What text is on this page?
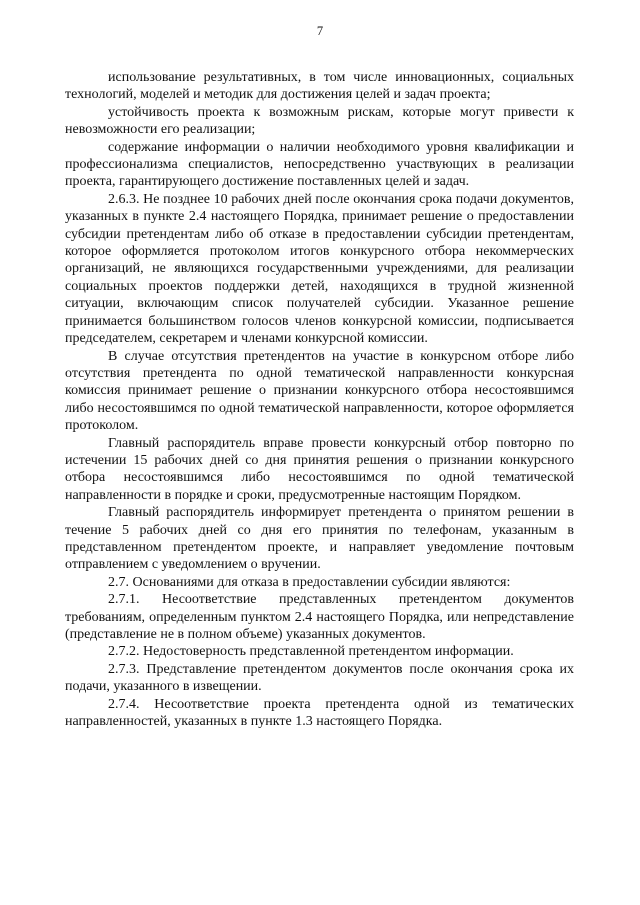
7

использование результативных, в том числе инновационных, социальных технологий, моделей и методик для достижения целей и задач проекта;

устойчивость проекта к возможным рискам, которые могут привести к невозможности его реализации;

содержание информации о наличии необходимого уровня квалификации и профессионализма специалистов, непосредственно участвующих в реализации проекта, гарантирующего достижение поставленных целей и задач.

2.6.3. Не позднее 10 рабочих дней после окончания срока подачи документов, указанных в пункте 2.4 настоящего Порядка, принимает решение о предоставлении субсидии претендентам либо об отказе в предоставлении субсидии претендентам, которое оформляется протоколом итогов конкурсного отбора некоммерческих организаций, не являющихся государственными учреждениями, для реализации социальных проектов поддержки детей, находящихся в трудной жизненной ситуации, включающим список получателей субсидии. Указанное решение принимается большинством голосов членов конкурсной комиссии, подписывается председателем, секретарем и членами конкурсной комиссии.

В случае отсутствия претендентов на участие в конкурсном отборе либо отсутствия претендента по одной тематической направленности конкурсная комиссия принимает решение о признании конкурсного отбора несостоявшимся либо несостоявшимся по одной тематической направленности, которое оформляется протоколом.

Главный распорядитель вправе провести конкурсный отбор повторно по истечении 15 рабочих дней со дня принятия решения о признании конкурсного отбора несостоявшимся либо несостоявшимся по одной тематической направленности в порядке и сроки, предусмотренные настоящим Порядком.

Главный распорядитель информирует претендента о принятом решении в течение 5 рабочих дней со дня его принятия по телефонам, указанным в представленном претендентом проекте, и направляет уведомление почтовым отправлением с уведомлением о вручении.

2.7. Основаниями для отказа в предоставлении субсидии являются:

2.7.1. Несоответствие представленных претендентом документов требованиям, определенным пунктом 2.4 настоящего Порядка, или непредставление (представление не в полном объеме) указанных документов.

2.7.2. Недостоверность представленной претендентом информации.

2.7.3. Представление претендентом документов после окончания срока их подачи, указанного в извещении.

2.7.4. Несоответствие проекта претендента одной из тематических направленностей, указанных в пункте 1.3 настоящего Порядка.
